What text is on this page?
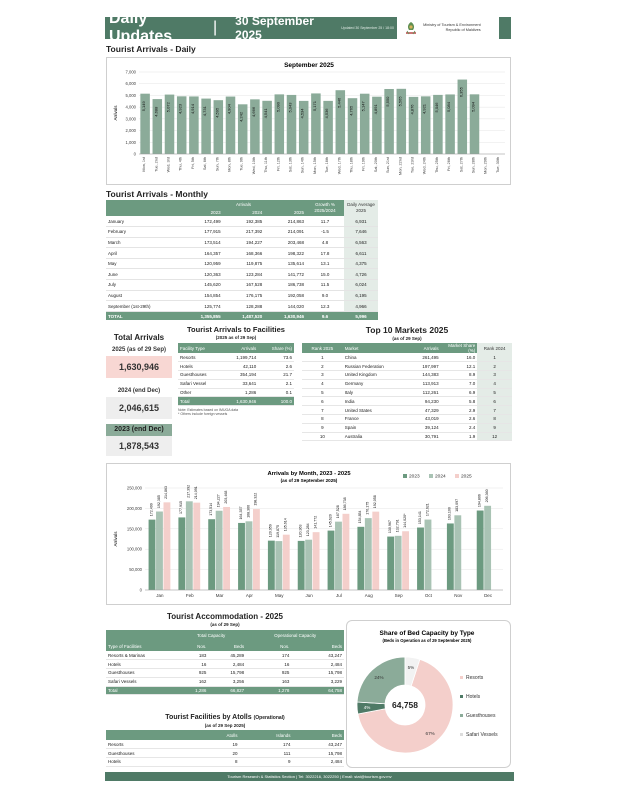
Daily Updates
| 30 September 2025	Updated 30 September 25 / 18:00
Ministry of Tourism & Environment
Republic of Maldives
Tourist Arrivals - Daily
September 2025
0
1,000
2,000
3,000
4,000
5,000
6,000
7,000
Arrivals	5,149
Mon, 1st
4,688
Tue, 2nd
5,072
Wed, 3rd
4,923
Thu, 4th
4,914
Fri, 5th
4,731
Sat, 6th
4,595
Sun, 7th
4,904
Mon, 8th
4,242
Tue, 9th
4,666
Wed, 10th
4,541
Thu, 11th
5,090
Fri, 12th
5,043
Sat, 13th
4,534
Sun, 14th
5,171
Mon, 15th
4,536
Tue, 16th
5,446
Wed, 17th
4,765
Thu, 18th
5,147
Fri, 19th
4,891
Sat, 20th
5,550
Sun, 21st
5,565
Mon, 22nd
4,876
Tue, 23rd
4,921
Wed, 24th
5,046
Thu, 25th
5,084
Fri, 26th
6,355
Sat, 27th
5,094
Sun, 28th Mon, 29th Tue, 30th
Tourist Arrivals - Monthly
	Arrivals			Growth % 2025/2024	Daily Average 2025
	2023	2024	2025		
January	172,499	192,385	214,863	11.7	6,931
February	177,915	217,392	214,091	-1.5	7,646
March	173,514	194,227	203,468	4.8	6,563
April	164,357	168,366	198,322	17.8	6,611
May	120,959	119,875	135,614	13.1	4,375
June	120,363	123,284	141,772	15.0	4,726
July	145,620	167,528	186,738	11.5	6,024
August	154,854	176,175	192,058	9.0	6,195
September (1st-29th)	125,774	128,288	144,020	12.3	4,966
TOTAL	1,355,855	1,487,520	1,630,946	9.6	5,996
Total Arrivals
2025 (as of 29 Sep)
1,630,946
2024 (end Dec)
2,046,615
2023 (end Dec)
1,878,543
Tourist Arrivals to Facilities
(2025 as of 29 Sep)
Facility Type	Arrivals	Share (%)
Resorts	1,199,714	73.6
Hotels	42,110	2.6
Guesthouses	354,194	21.7
Safari Vessel	33,641	2.1
Other	1,286	0.1
Total	1,630,946	100.0
Note: Estimates based on IMUGA data
* Others include foreign vessels
Top 10 Markets 2025
(as of 29 Sep)
Rank 2025	Market	Arrivals	Market Share (%)	Rank 2024
1	China	261,495	16.0	1
2	Russian Federation	197,997	12.1	2
3	United Kingdom	144,383	8.9	3
4	Germany	113,913	7.0	4
5	Italy	112,261	6.9	5
6	India	94,230	5.8	6
7	United States	47,329	2.9	7
8	France	43,019	2.6	8
9	Spain	39,124	2.4	9
10	Australia	30,791	1.9	12
Arrivals by Month, 2023 - 2025
(as of 29 September 2025)
0
50,000
100,000
150,000
200,000
250,000
Arrivals
2023	2024	2025
172,499
192,385
214,863
Jan
177,915
217,392 214,091
Feb
173,514
194,227 203,468
Mar
164,357 168,366
198,322
Apr
120,959 119,875
135,614
May
120,363 123,284
141,772
Jun
145,620
167,528
186,738
Jul
154,854
176,175 192,058
Aug
130,967 132,791 144,020*
Sep
153,141
172,621
Oct
163,100
183,097
Nov
194,806 206,360
Dec
Tourist Accommodation - 2025
(as of 29 Sep)
	Total Capacity		Operational Capacity	
Type of Facilities	Nos.	Beds	Nos.	Beds
Resorts & Marinas	183	45,289	174	43,247
Hotels	16	2,484	16	2,484
Guesthouses	925	15,798	925	15,798
Safari Vessels	162	3,256	163	3,229
Total	1,286	66,827	1,278	64,758
Tourist Facilities by Atolls (Operational)
(as of 29 Sep 2025)
	Atolls	Islands	Beds
Resorts	19	174	43,247
Guesthouses	20	111	15,798
Hotels	8	9	2,484
Share of Bed Capacity by Type
(Beds in Operation as of 29 September 2025)
67%
4%
24%
5%
64,758
Resorts
Hotels
Guesthouses
Safari Vessels
Tourism Research & Statistics Section | Tel: 3022216, 3022250 | Email: stat@tourism.gov.mv
